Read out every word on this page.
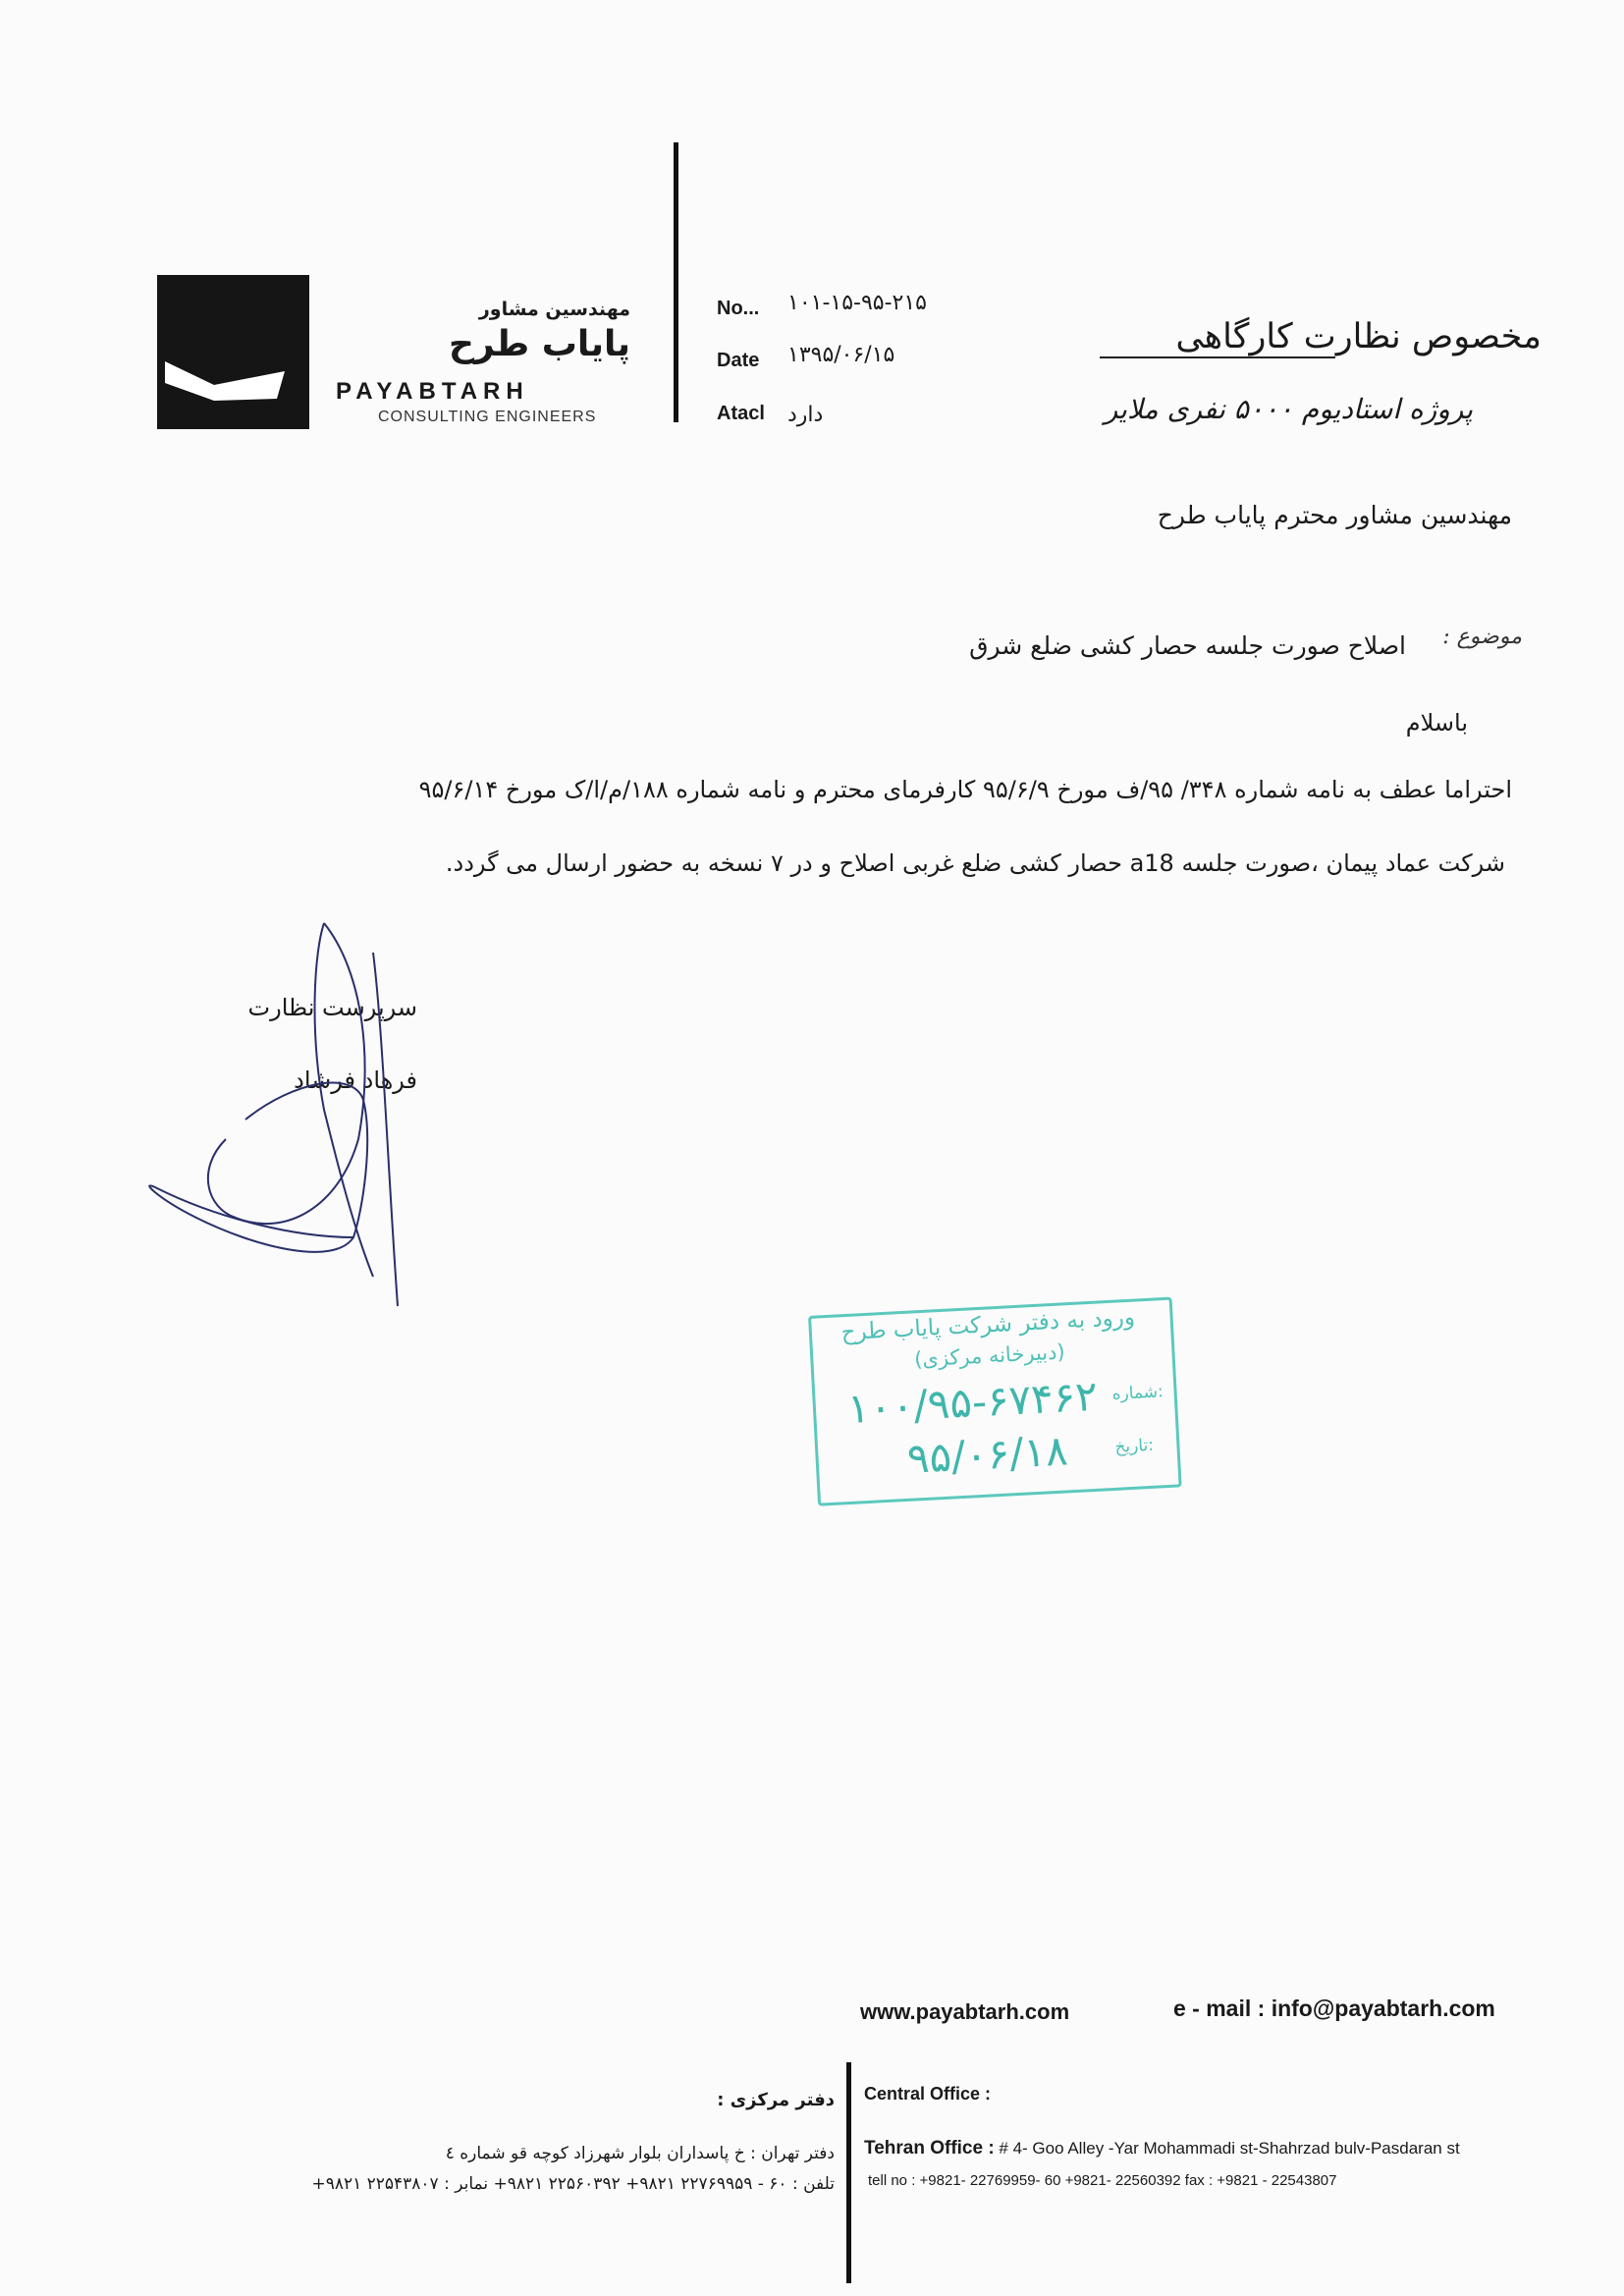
مهندسین مشاور
پایاب طرح
PAYABTARH
CONSULTING ENGINEERS
No... ۱۰۱-۱۵-۹۵-۲۱۵
Date ۱۳۹۵/۰۶/۱۵
Atacl دارد
مخصوص نظارت کارگاهی
پروژه استادیوم ۵۰۰۰ نفری ملایر
مهندسین مشاور محترم پایاب طرح
موضوع :
اصلاح صورت جلسه حصار کشی ضلع شرق
باسلام
احتراما عطف به نامه شماره ۳۴۸/ ۹۵/ف مورخ ۹۵/۶/۹ کارفرمای محترم و نامه شماره ۱۸۸/م/ا/ک مورخ ۹۵/۶/۱۴
شرکت عماد پیمان ،صورت جلسه a18 حصار کشی ضلع غربی اصلاح و در ۷ نسخه به حضور ارسال می گردد.
سرپرست نظارت
فرهاد فرشاد
ورود به دفتر شرکت پایاب طرح
(دبیرخانه مرکزی)
شماره:
۱۰۰/۹۵-۶۷۴۶۲
تاریخ:
۹۵/۰۶/۱۸
www.payabtarh.com	e - mail : info@payabtarh.com
Central Office :
Tehran Office : # 4- Goo Alley -Yar Mohammadi st-Shahrzad bulv-Pasdaran st
tell no : +9821- 22769959- 60 +9821- 22560392 fax : +9821 - 22543807
دفتر مرکزی :
دفتر تهران : خ پاسداران بلوار شهرزاد کوچه قو شماره ٤
تلفن : ۶۰ - ۲۲۷۶۹۹۵۹ ۹۸۲۱+ ۲۲۵۶۰۳۹۲ ۹۸۲۱+ نمابر : ۲۲۵۴۳۸۰۷ ۹۸۲۱+
